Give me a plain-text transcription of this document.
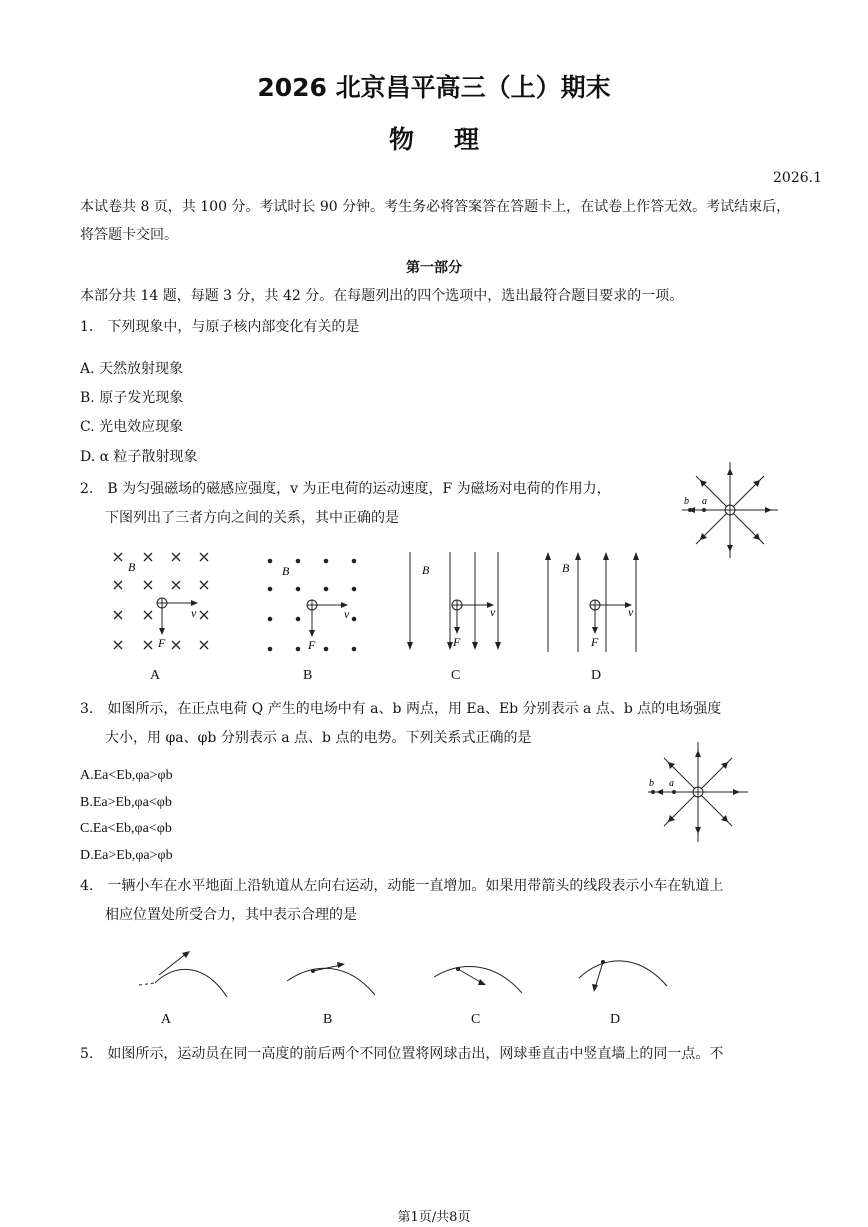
2026 北京昌平高三（上）期末
物理
2026.1
本试卷共 8 页，共 100 分。考试时长 90 分钟。考生务必将答案答在答题卡上，在试卷上作答无效。考试结束后，将答题卡交回。
第一部分
本部分共 14 题，每题 3 分，共 42 分。在每题列出的四个选项中，选出最符合题目要求的一项。
1.　下列现象中，与原子核内部变化有关的是
A. 天然放射现象
B. 原子发光现象
C. 光电效应现象
D. α 粒子散射现象
2.　B 为匀强磁场的磁感应强度，v 为正电荷的运动速度，F 为磁场对电荷的作用力，
下图列出了三者方向之间的关系，其中正确的是
a
b
B
v
F
A
B
v
F
B
B
v
F
C
B
v
F
D
3.　如图所示，在正点电荷 Q 产生的电场中有 a、b 两点，用 Ea、Eb 分别表示 a 点、b 点的电场强度
大小，用 φa、φb 分别表示 a 点、b 点的电势。下列关系式正确的是
a
b
A.Ea<Eb,φa>φb
B.Ea>Eb,φa<φb
C.Ea<Eb,φa<φb
D.Ea>Eb,φa>φb
4.　一辆小车在水平地面上沿轨道从左向右运动，动能一直增加。如果用带箭头的线段表示小车在轨道上
相应位置处所受合力，其中表示合理的是
A	B	C	D
5.　如图所示，运动员在同一高度的前后两个不同位置将网球击出，网球垂直击中竖直墙上的同一点。不
第1页/共8页
